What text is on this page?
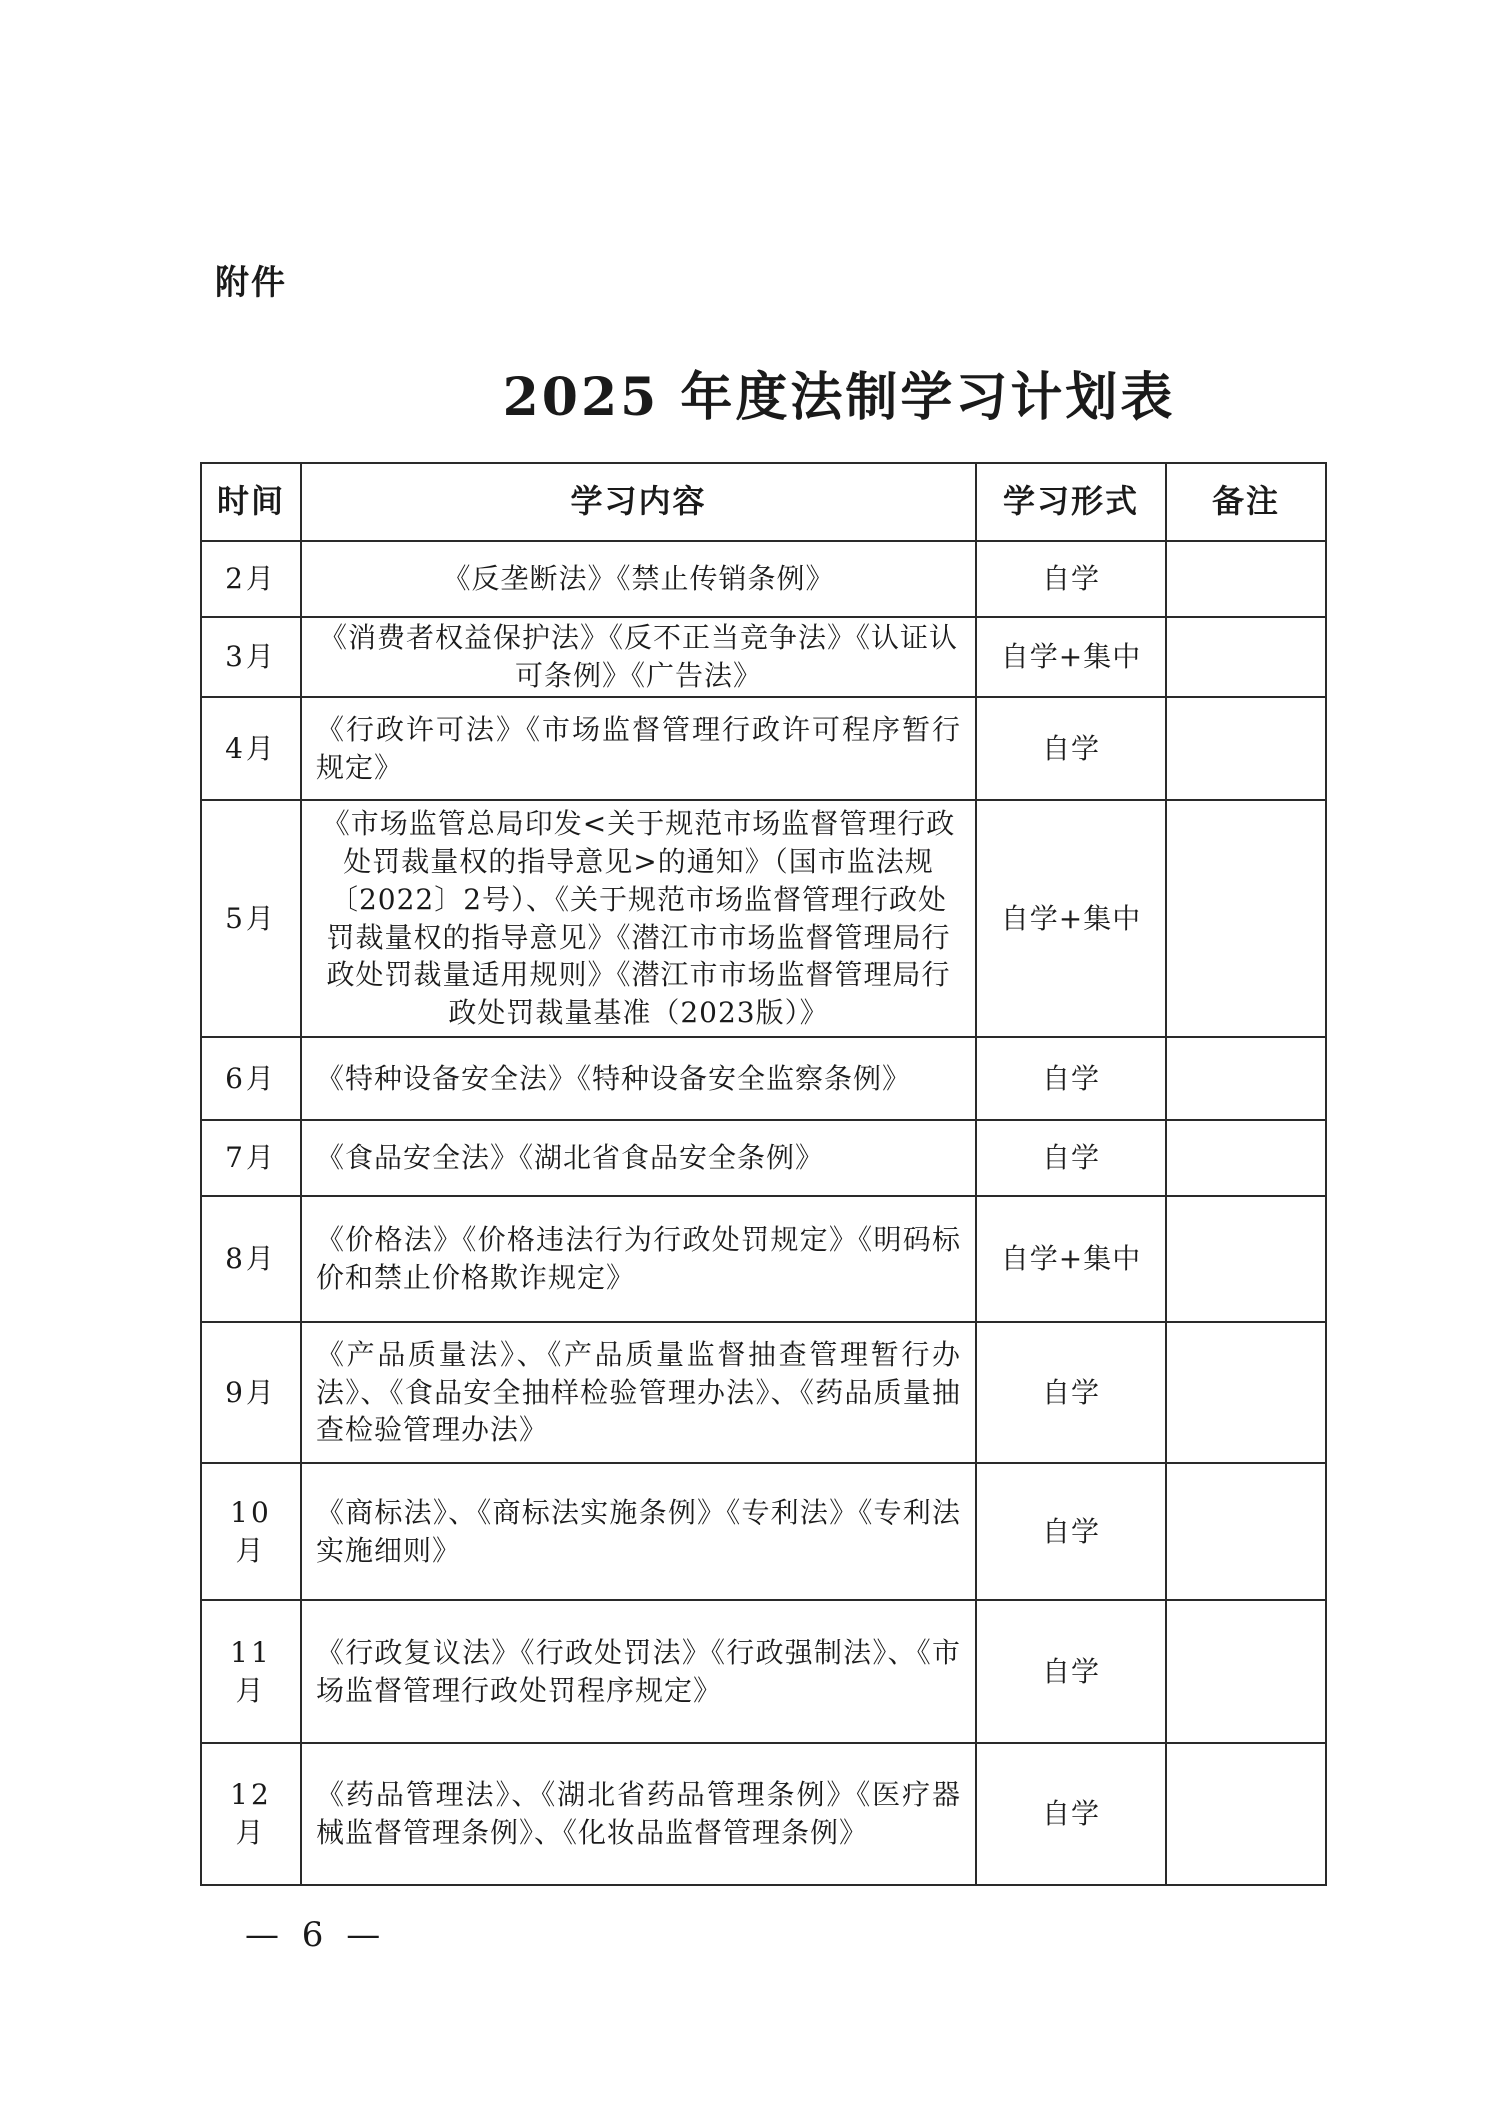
附件
2025 年度法制学习计划表
时间	学习内容	学习形式	备注
2月	《反垄断法》《禁止传销条例》	自学	
3月	《消费者权益保护法》《反不正当竞争法》《认证认可条例》《广告法》	自学+集中	
4月	《行政许可法》《市场监督管理行政许可程序暂行规定》	自学	
5月	《市场监管总局印发<关于规范市场监督管理行政处罚裁量权的指导意见>的通知》（国市监法规〔2022〕2号）、《关于规范市场监督管理行政处罚裁量权的指导意见》《潜江市市场监督管理局行政处罚裁量适用规则》《潜江市市场监督管理局行政处罚裁量基准（2023版）》	自学+集中	
6月	《特种设备安全法》《特种设备安全监察条例》	自学	
7月	《食品安全法》《湖北省食品安全条例》	自学	
8月	《价格法》《价格违法行为行政处罚规定》《明码标价和禁止价格欺诈规定》	自学+集中	
9月	《产品质量法》、《产品质量监督抽查管理暂行办法》、《食品安全抽样检验管理办法》、《药品质量抽查检验管理办法》	自学	
10月	《商标法》、《商标法实施条例》《专利法》《专利法实施细则》	自学	
11月	《行政复议法》《行政处罚法》《行政强制法》、《市场监督管理行政处罚程序规定》	自学	
12月	《药品管理法》、《湖北省药品管理条例》《医疗器械监督管理条例》、《化妆品监督管理条例》	自学	
— 6 —
